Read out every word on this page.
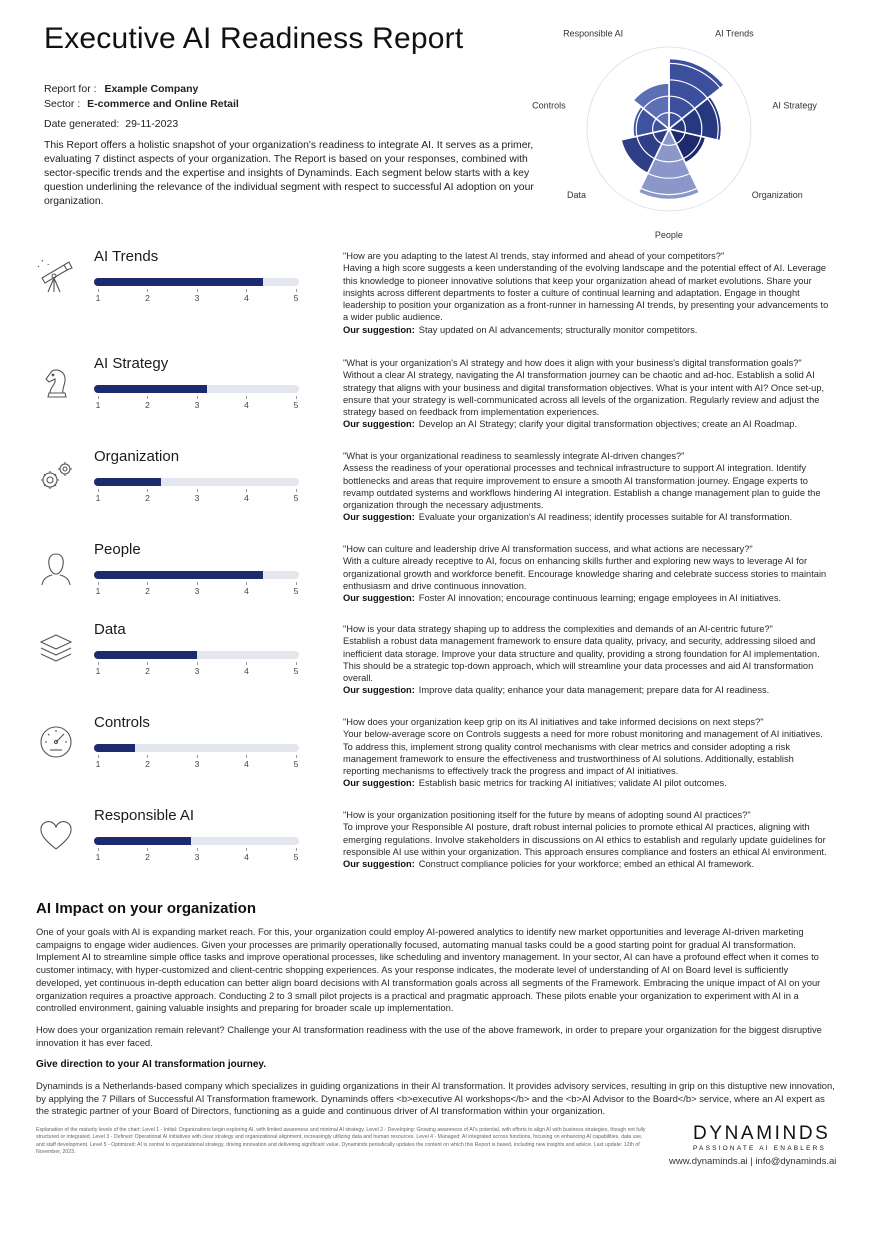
Executive AI Readiness Report
Report for : Example Company
Sector : E-commerce and Online Retail
Date generated: 29-11-2023
This Report offers a holistic snapshot of your organization's readiness to integrate AI. It serves as a primer, evaluating 7 distinct aspects of your organization. The Report is based on your responses, combined with sector-specific trends and the expertise and insights of Dynaminds. Each segment below starts with a key question underlining the relevance of the individual segment with respect to successful AI adoption on your organization.
AI Trends
AI Strategy
Organization
People
Data
Controls
Responsible AI
AI Trends
1	2	3	4	5
"How are you adapting to the latest AI trends, stay informed and ahead of your competitors?"
Having a high score suggests a keen understanding of the evolving landscape and the potential effect of AI. Leverage this knowledge to pioneer innovative solutions that keep your organization ahead of market evolutions. Share your insights across different departments to foster a culture of continual learning and adaptation. Engage in thought leadership to position your organization as a front-runner in harnessing AI trends, by presenting your advancements to a wider public audience.
Our suggestion: Stay updated on AI advancements; structurally monitor competitors.
AI Strategy
1	2	3	4	5
"What is your organization's AI strategy and how does it align with your business's digital transformation goals?"
Without a clear AI strategy, navigating the AI transformation journey can be chaotic and ad-hoc. Establish a solid AI strategy that aligns with your business and digital transformation objectives. What is your intent with AI? Once set-up, ensure that your strategy is well-communicated across all levels of the organization. Regularly review and adjust the strategy based on feedback from implementation experiences.
Our suggestion: Develop an AI Strategy; clarify your digital transformation objectives; create an AI Roadmap.
Organization
1	2	3	4	5
"What is your organizational readiness to seamlessly integrate AI-driven changes?"
Assess the readiness of your operational processes and technical infrastructure to support AI integration. Identify bottlenecks and areas that require improvement to ensure a smooth AI transformation journey. Engage experts to revamp outdated systems and workflows hindering AI integration. Establish a change management plan to guide the organization through the necessary adjustments.
Our suggestion: Evaluate your organization's AI readiness; identify processes suitable for AI transformation.
People
1	2	3	4	5
"How can culture and leadership drive AI transformation success, and what actions are necessary?"
With a culture already receptive to AI, focus on enhancing skills further and exploring new ways to leverage AI for organizational growth and workforce benefit. Encourage knowledge sharing and celebrate success stories to maintain enthusiasm and drive continuous innovation.
Our suggestion: Foster AI innovation; encourage continuous learning; engage employees in AI initiatives.
Data
1	2	3	4	5
"How is your data strategy shaping up to address the complexities and demands of an AI-centric future?"
Establish a robust data management framework to ensure data quality, privacy, and security, addressing siloed and inefficient data storage. Improve your data structure and quality, providing a strong foundation for AI implementation. This should be a strategic top-down approach, which will streamline your data processes and aid AI transformation overall.
Our suggestion: Improve data quality; enhance your data management; prepare data for AI readiness.
Controls
1	2	3	4	5
"How does your organization keep grip on its AI initiatives and take informed decisions on next steps?"
Your below-average score on Controls suggests a need for more robust monitoring and management of AI initiatives. To address this, implement strong quality control mechanisms with clear metrics and consider adopting a risk management framework to ensure the effectiveness and trustworthiness of AI solutions. Additionally, establish reporting mechanisms to effectively track the progress and impact of AI initiatives.
Our suggestion: Establish basic metrics for tracking AI initiatives; validate AI pilot outcomes.
Responsible AI
1	2	3	4	5
"How is your organization positioning itself for the future by means of adopting sound AI practices?"
To improve your Responsible AI posture, draft robust internal policies to promote ethical AI practices, aligning with emerging regulations. Involve stakeholders in discussions on AI ethics to establish and regularly update guidelines for responsible AI use within your organization. This approach ensures compliance and fosters an ethical AI environment.
Our suggestion: Construct compliance policies for your workforce; embed an ethical AI framework.
AI Impact on your organization
One of your goals with AI is expanding market reach. For this, your organization could employ AI-powered analytics to identify new market opportunities and leverage AI-driven marketing campaigns to engage wider audiences. Given your processes are primarily operationally focused, automating manual tasks could be a good starting point for gradual AI transformation. Implement AI to streamline simple office tasks and improve operational processes, like scheduling and inventory management. In your sector, AI can have a profound effect when it comes to customer intimacy, with hyper-customized and client-centric shopping experiences. As your response indicates, the moderate level of understanding of AI on Board level is sufficiently developed, yet continuous in-depth education can better align board decisions with AI transformation goals across all segments of the Framework. Embracing the unique impact of AI on your organization requires a proactive approach. Conducting 2 to 3 small pilot projects is a practical and pragmatic approach. These pilots enable your organization to experiment with AI in a controlled environment, gaining valuable insights and preparing for broader scale up implementation.
How does your organization remain relevant? Challenge your AI transformation readiness with the use of the above framework, in order to prepare your organization for the biggest disruptive innovation it has ever faced.
Give direction to your AI transformation journey.
Dynaminds is a Netherlands-based company which specializes in guiding organizations in their AI transformation. It provides advisory services, resulting in grip on this distuptive new innovation, by applying the 7 Pillars of Successful AI Transformation framework. Dynaminds offers <b>executive AI workshops</b> and the <b>AI Advisor to the Board</b> service, where an AI expert as the strategic partner of your Board of Directors, functioning as a guide and continuous driver of AI transformation within your organization.
Explanation of the maturity levels of the chart: Level 1 - Initial: Organizations begin exploring AI, with limited awareness and minimal AI strategy. Level 2 - Developing: Growing awareness of AI's potential, with efforts to align AI with business strategies, though not fully structured or integrated. Level 3 - Defined: Operational AI initiatives with clear strategy and organizational alignment, increasingly utilizing data and human resources. Level 4 - Managed: AI integrated across functions, focusing on enhancing AI capabilities, data use, and staff development. Level 5 - Optimized: AI is central to organizational strategy, driving innovation and delivering significant value. Dynaminds periodically updates the content on which this Report is based, including new insights and advice. Last update: 12th of November, 2023.
DYNAMINDS
PASSIONATE AI ENABLERS
www.dynaminds.ai | info@dynaminds.ai
